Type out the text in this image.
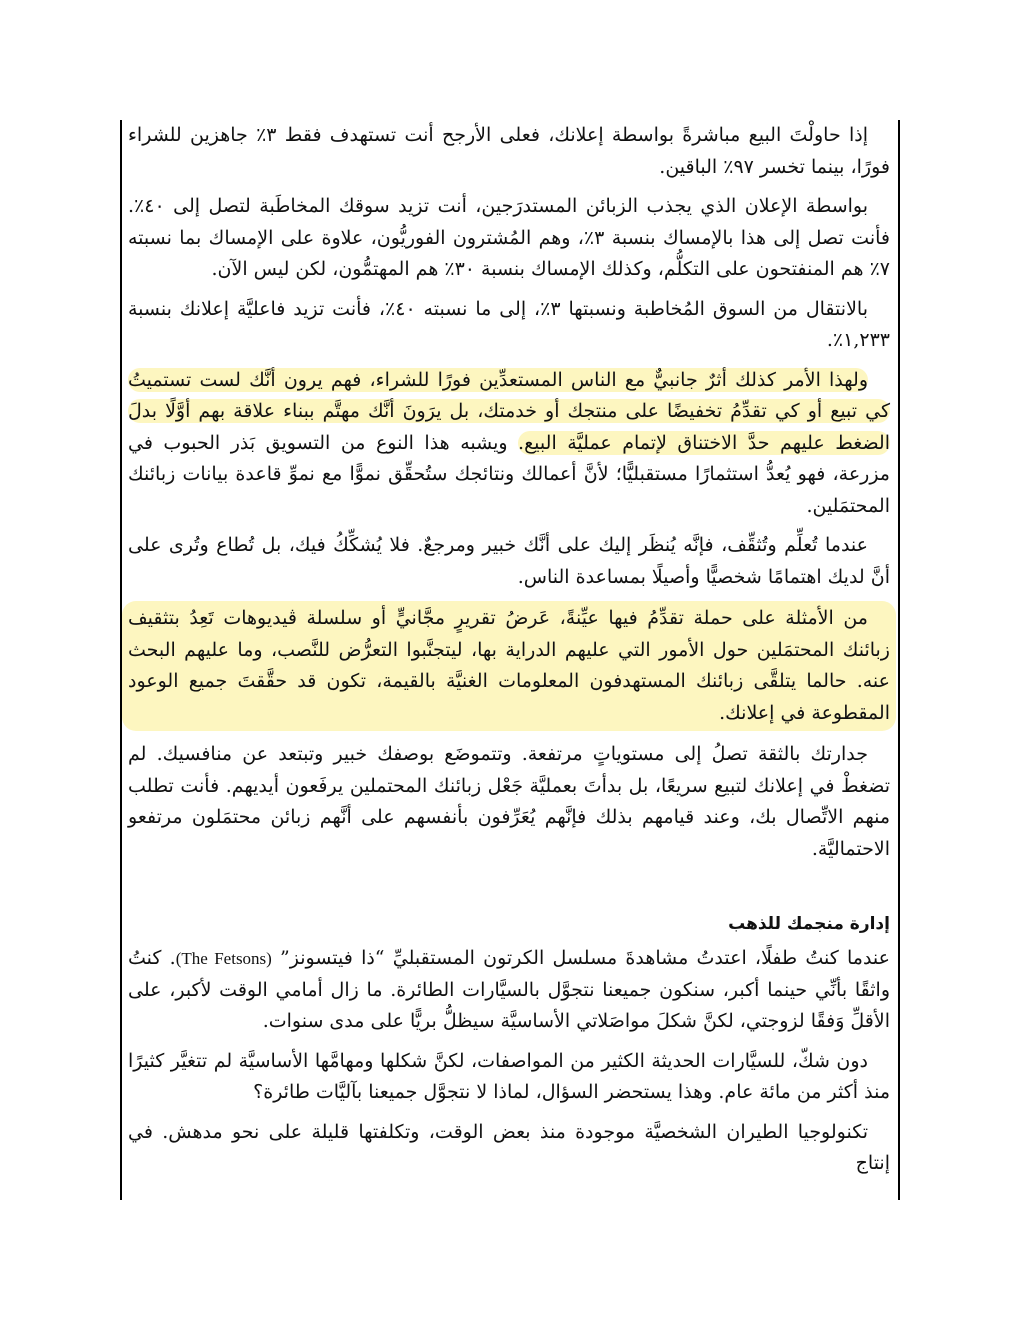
إذا حاولْتَ البيع مباشرةً بواسطة إعلانك، فعلى الأرجح أنت تستهدف فقط ٣٪ جاهزين للشراء فورًا، بينما تخسر ٩٧٪ الباقين.

بواسطة الإعلان الذي يجذب الزبائن المستدرَجين، أنت تزيد سوقك المخاطَبة لتصل إلى ٤٠٪. فأنت تصل إلى هذا بالإمساك بنسبة ٣٪، وهم المُشترون الفوريُّون، علاوة على الإمساك بما نسبته ٧٪ هم المنفتحون على التكلُّم، وكذلك الإمساك بنسبة ٣٠٪ هم المهتمُّون، لكن ليس الآن.

بالانتقال من السوق المُخاطبة ونسبتها ٣٪، إلى ما نسبته ٤٠٪، فأنت تزيد فاعليَّة إعلانك بنسبة ١,٢٣٣٪.

ولهذا الأمر كذلك أثرٌ جانبيٌّ مع الناس المستعدِّين فورًا للشراء، فهم يرون أنَّك لست تستميتُ كي تبيع أو كي تقدِّمُ تخفيضًا على منتجك أو خدمتك، بل يرَونَ أنَّك مهتَّم ببناء علاقة بهم أوَّلًا بدلَ الضغط عليهم حدَّ الاختناق لإتمام عمليَّة البيع. ويشبه هذا النوع من التسويق بَذر الحبوب في مزرعة، فهو يُعدُّ استثمارًا مستقبليًّا؛ لأنَّ أعمالك ونتائجك ستُحقِّق نموًّا مع نموِّ قاعدة بيانات زبائنك المحتمَلين.

عندما تُعلِّم وتُثقِّف، فإنَّه يُنظَر إليك على أنَّك خبير ومرجعٌ. فلا يُشكِّكُ فيك، بل تُطاع وتُرى على أنَّ لديك اهتمامًا شخصيًّا وأصيلًا بمساعدة الناس.

من الأمثلة على حملة تقدِّمُ فيها عيِّنةً، عَرضُ تقريرٍ مجَّانيٍّ أو سلسلة ڤيديوهات تَعِدُ بتثقيف زبائنك المحتمَلين حول الأمور التي عليهم الدراية بها، ليتجنَّبوا التعرُّض للنَّصب، وما عليهم البحث عنه. حالما يتلقَّى زبائنك المستهدفون المعلومات الغنيَّة بالقيمة، تكون قد حقَّقتَ جميع الوعود المقطوعة في إعلانك.

جدارتك بالثقة تصلُ إلى مستوياتٍ مرتفعة. وتتموضَع بوصفك خبير وتبتعد عن منافسيك. لم تضغطْ في إعلانك لتبيع سريعًا، بل بدأتَ بعمليَّة جَعْل زبائنك المحتملين يرفَعون أيديهم. فأنت تطلب منهم الاتِّصال بك، وعند قيامهم بذلك فإنَّهم يُعَرِّفون بأنفسهم على أنَّهم زبائن محتمَلون مرتفعو الاحتماليَّة.

إدارة منجمك للذهب

عندما كنتُ طفلًا، اعتدتُ مشاهدةَ مسلسل الكرتون المستقبليِّ “ذا فيتسونز” (The Fetsons). كنتُ واثقًا بأنِّي حينما أكبر، سنكون جميعنا نتجوَّل بالسيَّارات الطائرة. ما زال أمامي الوقت لأكبر، على الأقلِّ وَفقًا لزوجتي، لكنَّ شكلَ مواصَلاتي الأساسيَّة سيظلُّ بريًّا على مدى سنوات.

دون شكّ، للسيَّارات الحديثة الكثير من المواصفات، لكنَّ شكلها ومهامَّها الأساسيَّة لم تتغيَّر كثيرًا منذ أكثر من مائة عام. وهذا يستحضر السؤال، لماذا لا نتجوَّل جميعنا بآليَّات طائرة؟

تكنولوجيا الطيران الشخصيَّة موجودة منذ بعض الوقت، وتكلفتها قليلة على نحو مدهش. في إنتاج
